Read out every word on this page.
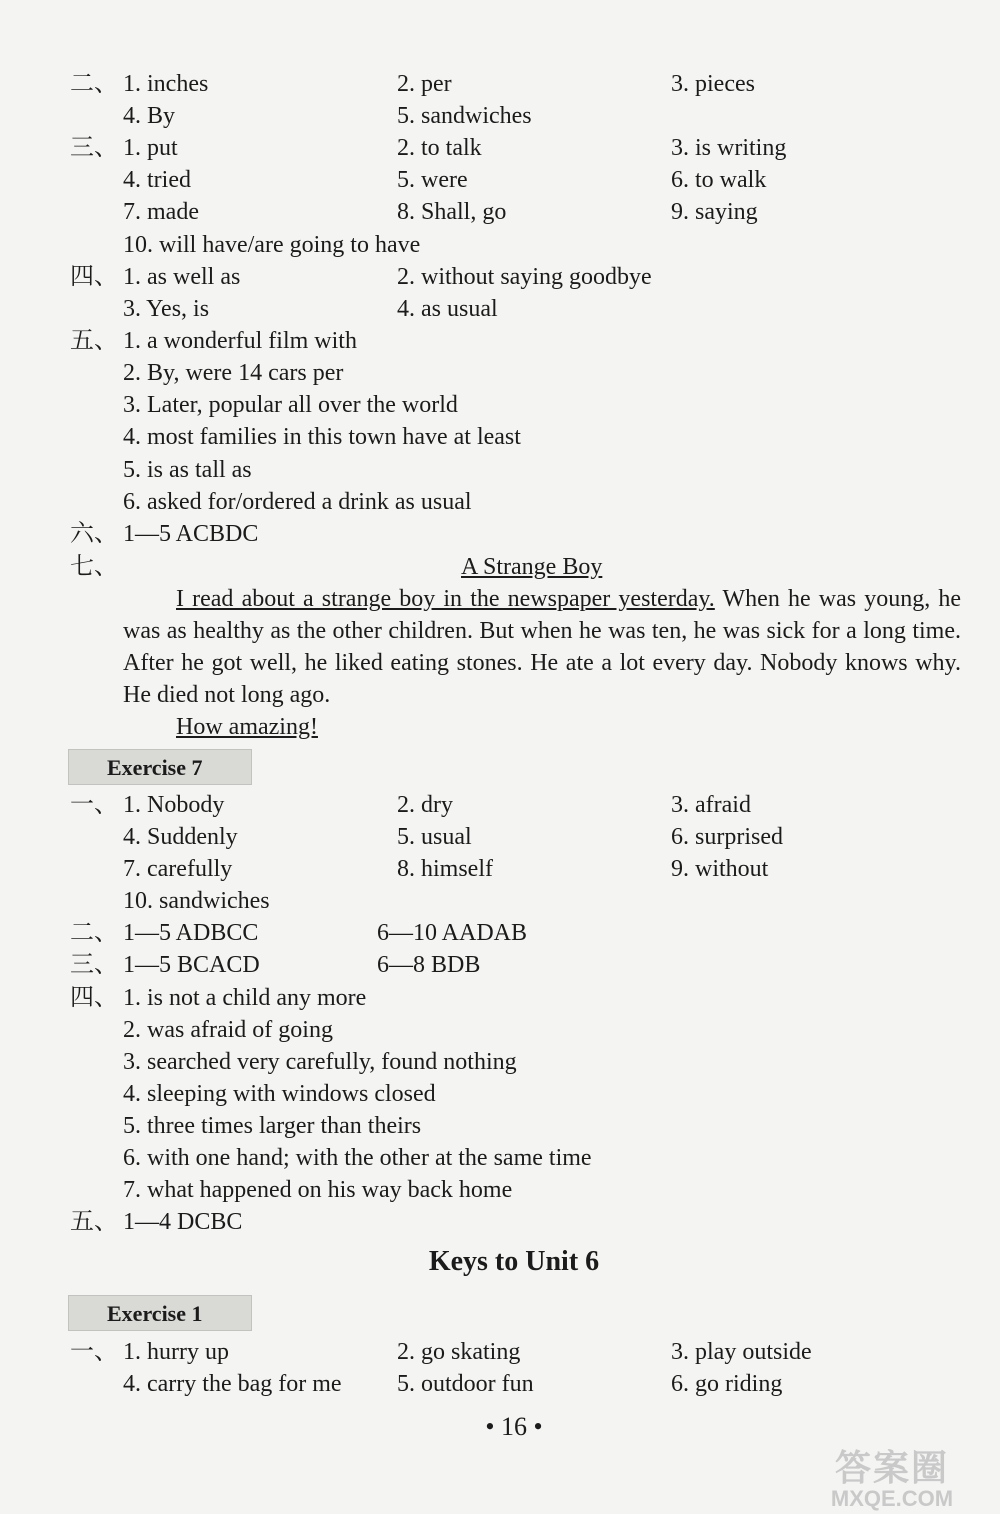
二、 1. inches	2. per	3. pieces
4. By	5. sandwiches
三、 1. put	2. to talk	3. is writing
4. tried	5. were	6. to walk
7. made	8. Shall, go	9. saying
10. will have/are going to have
四、 1. as well as	2. without saying goodbye
3. Yes, is	4. as usual
五、 1. a wonderful film with
2. By, were 14 cars per
3. Later, popular all over the world
4. most families in this town have at least
5. is as tall as
6. asked for/ordered a drink as usual
六、 1—5 ACBDC
七、	A Strange Boy
I read about a strange boy in the newspaper yesterday. When he was young, he was as healthy as the other children. But when he was ten, he was sick for a long time. After he got well, he liked eating stones. He ate a lot every day. Nobody knows why. He died not long ago.
How amazing!
Exercise 7
一、 1. Nobody	2. dry	3. afraid
4. Suddenly	5. usual	6. surprised
7. carefully	8. himself	9. without
10. sandwiches
二、 1—5 ADBCC	6—10 AADAB
三、 1—5 BCACD	6—8 BDB
四、 1. is not a child any more
2. was afraid of going
3. searched very carefully, found nothing
4. sleeping with windows closed
5. three times larger than theirs
6. with one hand; with the other at the same time
7. what happened on his way back home
五、 1—4 DCBC
Keys to Unit 6
Exercise 1
一、 1. hurry up	2. go skating	3. play outside
4. carry the bag for me 5. outdoor fun	6. go riding
• 16 •
答案圈
MXQE.COM
